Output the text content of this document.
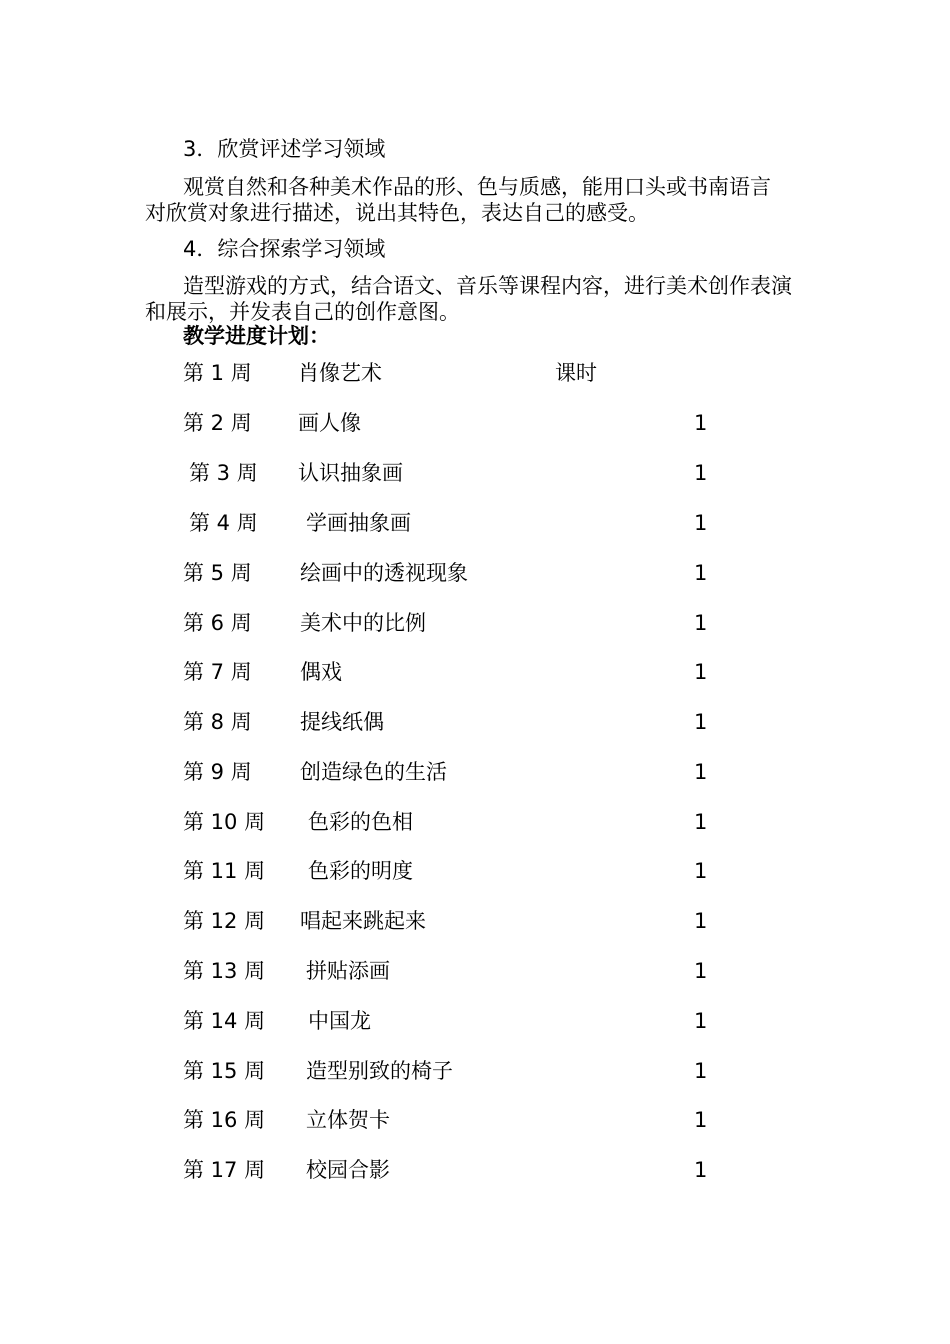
3．欣赏评述学习领域
观赏自然和各种美术作品的形、色与质感，能用口头或书南语言
对欣赏对象进行描述，说出其特色，表达自己的感受。
4．综合探索学习领域
造型游戏的方式，结合语文、音乐等课程内容，进行美术创作表演
和展示，并发表自己的创作意图。
教学进度计划：
第 1 周 肖像艺术	课时
第 2 周 画人像	1
第 3 周 认识抽象画	1
第 4 周 学画抽象画	1
第 5 周 绘画中的透视现象	1
第 6 周 美术中的比例	1
第 7 周 偶戏	1
第 8 周 提线纸偶	1
第 9 周 创造绿色的生活	1
第 10 周 色彩的色相	1
第 11 周 色彩的明度	1
第 12 周 唱起来跳起来	1
第 13 周 拼贴添画	1
第 14 周 中国龙	1
第 15 周 造型别致的椅子	1
第 16 周 立体贺卡	1
第 17 周 校园合影	1
